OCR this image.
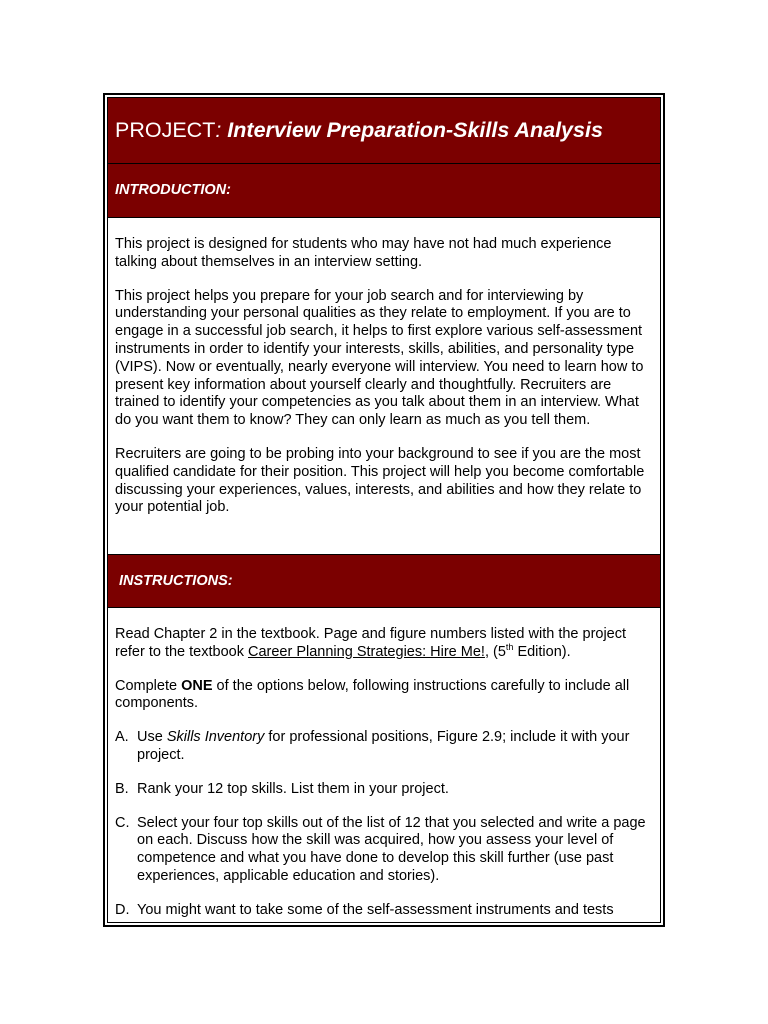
PROJECT: Interview Preparation-Skills Analysis
INTRODUCTION:

This project is designed for students who may have not had much experience talking about themselves in an interview setting.

This project helps you prepare for your job search and for interviewing by understanding your personal qualities as they relate to employment. If you are to engage in a successful job search, it helps to first explore various self-assessment instruments in order to identify your interests, skills, abilities, and personality type (VIPS). Now or eventually, nearly everyone will interview. You need to learn how to present key information about yourself clearly and thoughtfully. Recruiters are trained to identify your competencies as you talk about them in an interview. What do you want them to know? They can only learn as much as you tell them.

Recruiters are going to be probing into your background to see if you are the most qualified candidate for their position. This project will help you become comfortable discussing your experiences, values, interests, and abilities and how they relate to your potential job.

INSTRUCTIONS:

Read Chapter 2 in the textbook. Page and figure numbers listed with the project refer to the textbook Career Planning Strategies: Hire Me!, (5th Edition).

Complete ONE of the options below, following instructions carefully to include all components.

A. Use Skills Inventory for professional positions, Figure 2.9; include it with your project.
B. Rank your 12 top skills. List them in your project.
C. Select your four top skills out of the list of 12 that you selected and write a page on each. Discuss how the skill was acquired, how you assess your level of competence and what you have done to develop this skill further (use past experiences, applicable education and stories).
D. You might want to take some of the self-assessment instruments and tests
